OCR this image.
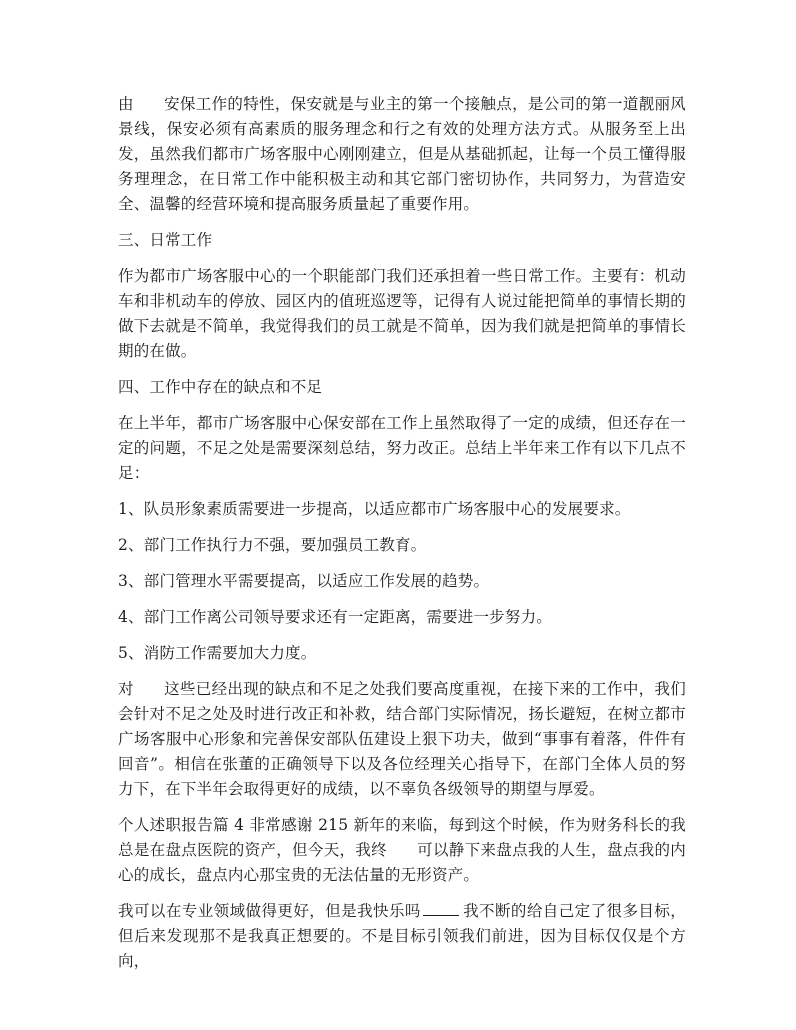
由 安保工作的特性，保安就是与业主的第一个接触点，是公司的第一道靓丽风景线，保安必须有高素质的服务理念和行之有效的处理方法方式。从服务至上出发，虽然我们都市广场客服中心刚刚建立，但是从基础抓起，让每一个员工懂得服务理理念，在日常工作中能积极主动和其它部门密切协作，共同努力，为营造安全、温馨的经营环境和提高服务质量起了重要作用。

三、日常工作

作为都市广场客服中心的一个职能部门我们还承担着一些日常工作。主要有：机动车和非机动车的停放、园区内的值班巡逻等，记得有人说过能把简单的事情长期的做下去就是不简单，我觉得我们的员工就是不简单，因为我们就是把简单的事情长期的在做。

四、工作中存在的缺点和不足

在上半年，都市广场客服中心保安部在工作上虽然取得了一定的成绩，但还存在一定的问题，不足之处是需要深刻总结，努力改正。总结上半年来工作有以下几点不足：

1、队员形象素质需要进一步提高，以适应都市广场客服中心的发展要求。

2、部门工作执行力不强，要加强员工教育。

3、部门管理水平需要提高，以适应工作发展的趋势。

4、部门工作离公司领导要求还有一定距离，需要进一步努力。

5、消防工作需要加大力度。

对 这些已经出现的缺点和不足之处我们要高度重视，在接下来的工作中，我们会针对不足之处及时进行改正和补救，结合部门实际情况，扬长避短，在树立都市广场客服中心形象和完善保安部队伍建设上狠下功夫，做到“事事有着落，件件有回音”。相信在张董的正确领导下以及各位经理关心指导下，在部门全体人员的努力下，在下半年会取得更好的成绩，以不辜负各级领导的期望与厚爱。

个人述职报告篇 4 非常感谢 215 新年的来临，每到这个时候，作为财务科长的我总是在盘点医院的资产，但今天，我终 可以静下来盘点我的人生，盘点我的内心的成长，盘点内心那宝贵的无法估量的无形资产。

我可以在专业领域做得更好，但是我快乐吗	我不断的给自己定了很多目标，但后来发现那不是我真正想要的。不是目标引领我们前进，因为目标仅仅是个方向，
